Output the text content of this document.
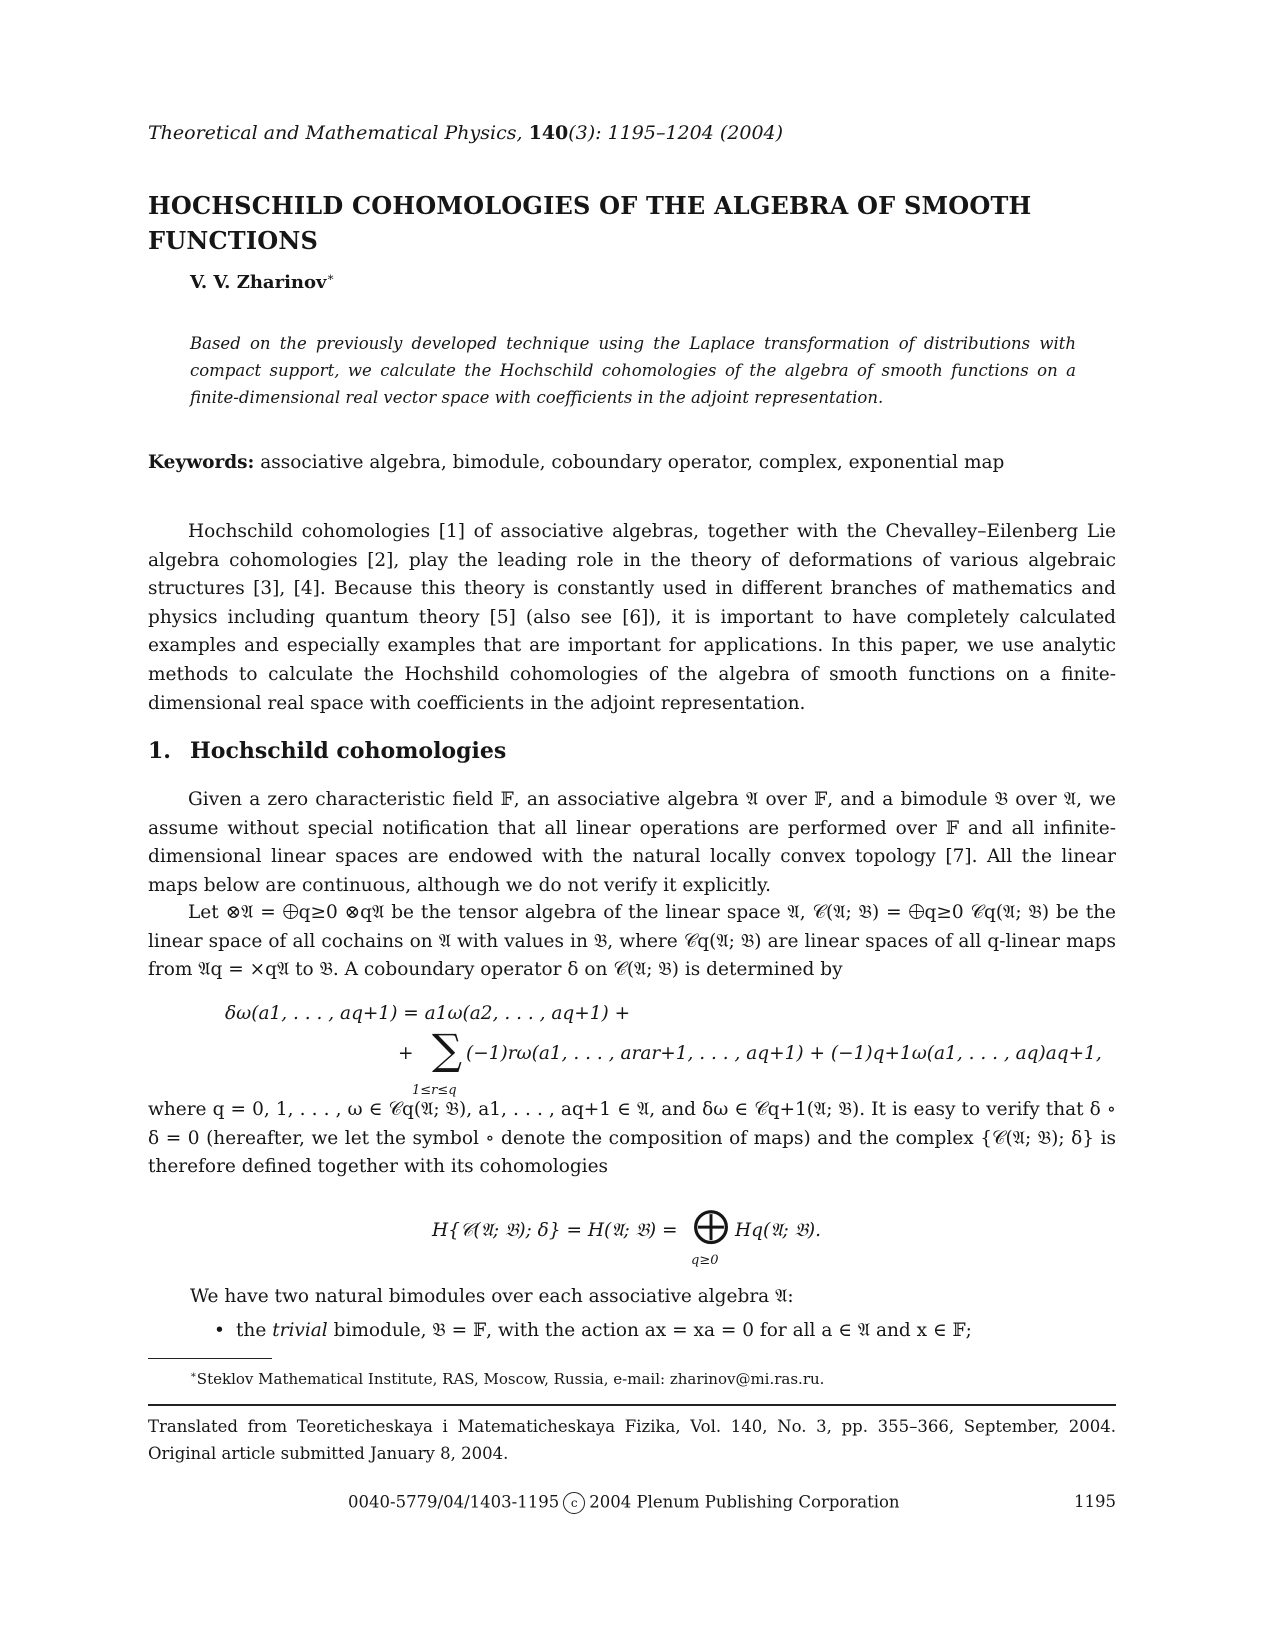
Theoretical and Mathematical Physics, 140(3): 1195–1204 (2004)
HOCHSCHILD COHOMOLOGIES OF THE ALGEBRA OF SMOOTH FUNCTIONS
V. V. Zharinov∗
Based on the previously developed technique using the Laplace transformation of distributions with compact support, we calculate the Hochschild cohomologies of the algebra of smooth functions on a finite-dimensional real vector space with coefficients in the adjoint representation.
Keywords: associative algebra, bimodule, coboundary operator, complex, exponential map
Hochschild cohomologies [1] of associative algebras, together with the Chevalley–Eilenberg Lie algebra cohomologies [2], play the leading role in the theory of deformations of various algebraic structures [3], [4]. Because this theory is constantly used in different branches of mathematics and physics including quantum theory [5] (also see [6]), it is important to have completely calculated examples and especially examples that are important for applications. In this paper, we use analytic methods to calculate the Hochshild cohomologies of the algebra of smooth functions on a finite-dimensional real space with coefficients in the adjoint representation.
1. Hochschild cohomologies
Given a zero characteristic field 𝔽, an associative algebra 𝔄 over 𝔽, and a bimodule 𝔅 over 𝔄, we assume without special notification that all linear operations are performed over 𝔽 and all infinite-dimensional linear spaces are endowed with the natural locally convex topology [7]. All the linear maps below are continuous, although we do not verify it explicitly.
Let ⊗𝔄 = ⨁q≥0 ⊗q𝔄 be the tensor algebra of the linear space 𝔄, 𝒞(𝔄; 𝔅) = ⨁q≥0 𝒞q(𝔄; 𝔅) be the linear space of all cochains on 𝔄 with values in 𝔅, where 𝒞q(𝔄; 𝔅) are linear spaces of all q-linear maps from 𝔄q = ×q𝔄 to 𝔅. A coboundary operator δ on 𝒞(𝔄; 𝔅) is determined by
δω(a1, . . . , aq+1) = a1ω(a2, . . . , aq+1) +
+ ∑
1≤r≤q
(−1)rω(a1, . . . , arar+1, . . . , aq+1) + (−1)q+1ω(a1, . . . , aq)aq+1,
where q = 0, 1, . . . , ω ∈ 𝒞q(𝔄; 𝔅), a1, . . . , aq+1 ∈ 𝔄, and δω ∈ 𝒞q+1(𝔄; 𝔅). It is easy to verify that δ ∘ δ = 0 (hereafter, we let the symbol ∘ denote the composition of maps) and the complex {𝒞(𝔄; 𝔅); δ} is therefore defined together with its cohomologies
H{𝒞(𝔄; 𝔅); δ} = H(𝔄; 𝔅) = ⨁
q≥0
Hq(𝔄; 𝔅).
We have two natural bimodules over each associative algebra 𝔄:
• the trivial bimodule, 𝔅 = 𝔽, with the action ax = xa = 0 for all a ∈ 𝔄 and x ∈ 𝔽;
∗Steklov Mathematical Institute, RAS, Moscow, Russia, e-mail: zharinov@mi.ras.ru.
Translated from Teoreticheskaya i Matematicheskaya Fizika, Vol. 140, No. 3, pp. 355–366, September, 2004. Original article submitted January 8, 2004.
0040-5779/04/1403-1195 c 2004 Plenum Publishing Corporation	1195
